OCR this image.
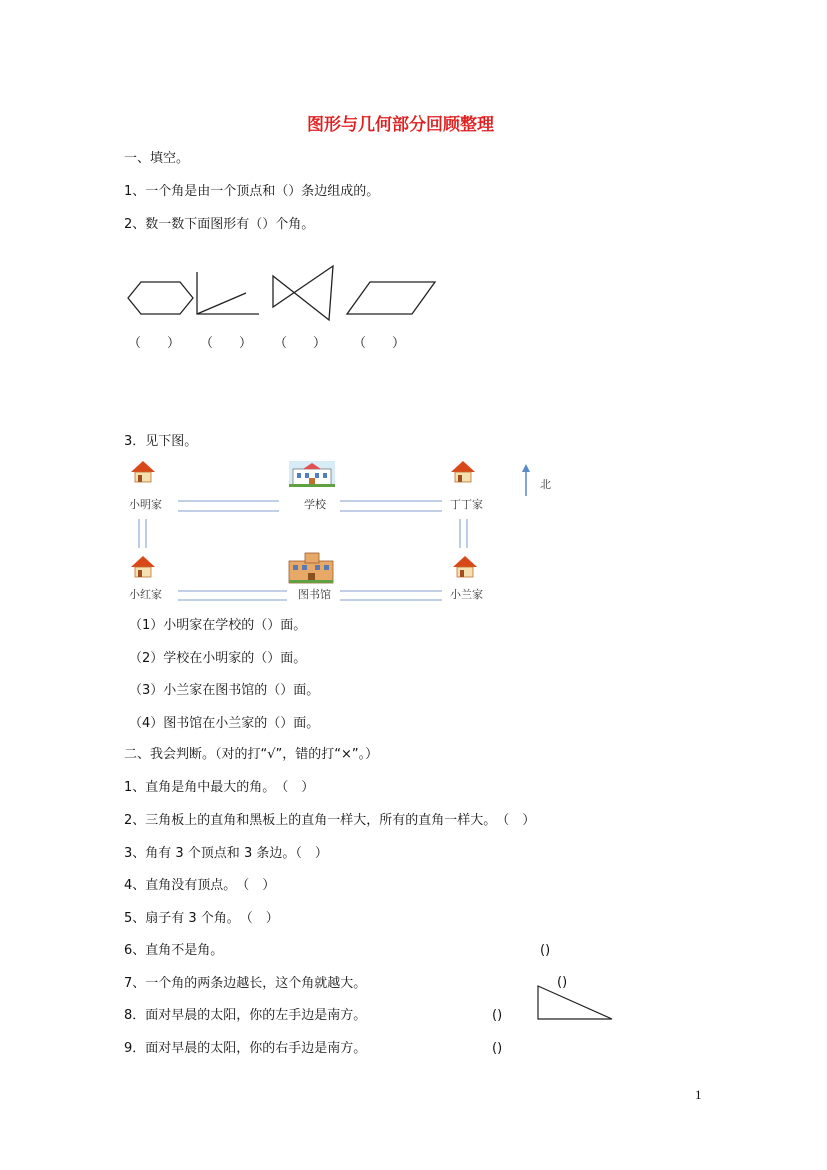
图形与几何部分回顾整理
一、填空。
1、一个角是由一个顶点和（）条边组成的。
2、数一数下面图形有（）个角。
（　　） （　　） （　　） （　　）
3．见下图。
小明家	学校	丁丁家
小红家	图书馆	小兰家
北
（1）小明家在学校的（）面。
（2）学校在小明家的（）面。
（3）小兰家在图书馆的（）面。
（4）图书馆在小兰家的（）面。
二、我会判断。（对的打“√”，错的打“×”。）
1、直角是角中最大的角。　（　）
2、三角板上的直角和黑板上的直角一样大，所有的直角一样大。　（　）
3、角有 3 个顶点和 3 条边。（　）
4、直角没有顶点。　（　）
5、扇子有 3 个角。　（　）
6、直角不是角。
7、一个角的两条边越长，这个角就越大。
8．面对早晨的太阳，你的左手边是南方。
9．面对早晨的太阳，你的右手边是南方。
()
()
()
()
1
